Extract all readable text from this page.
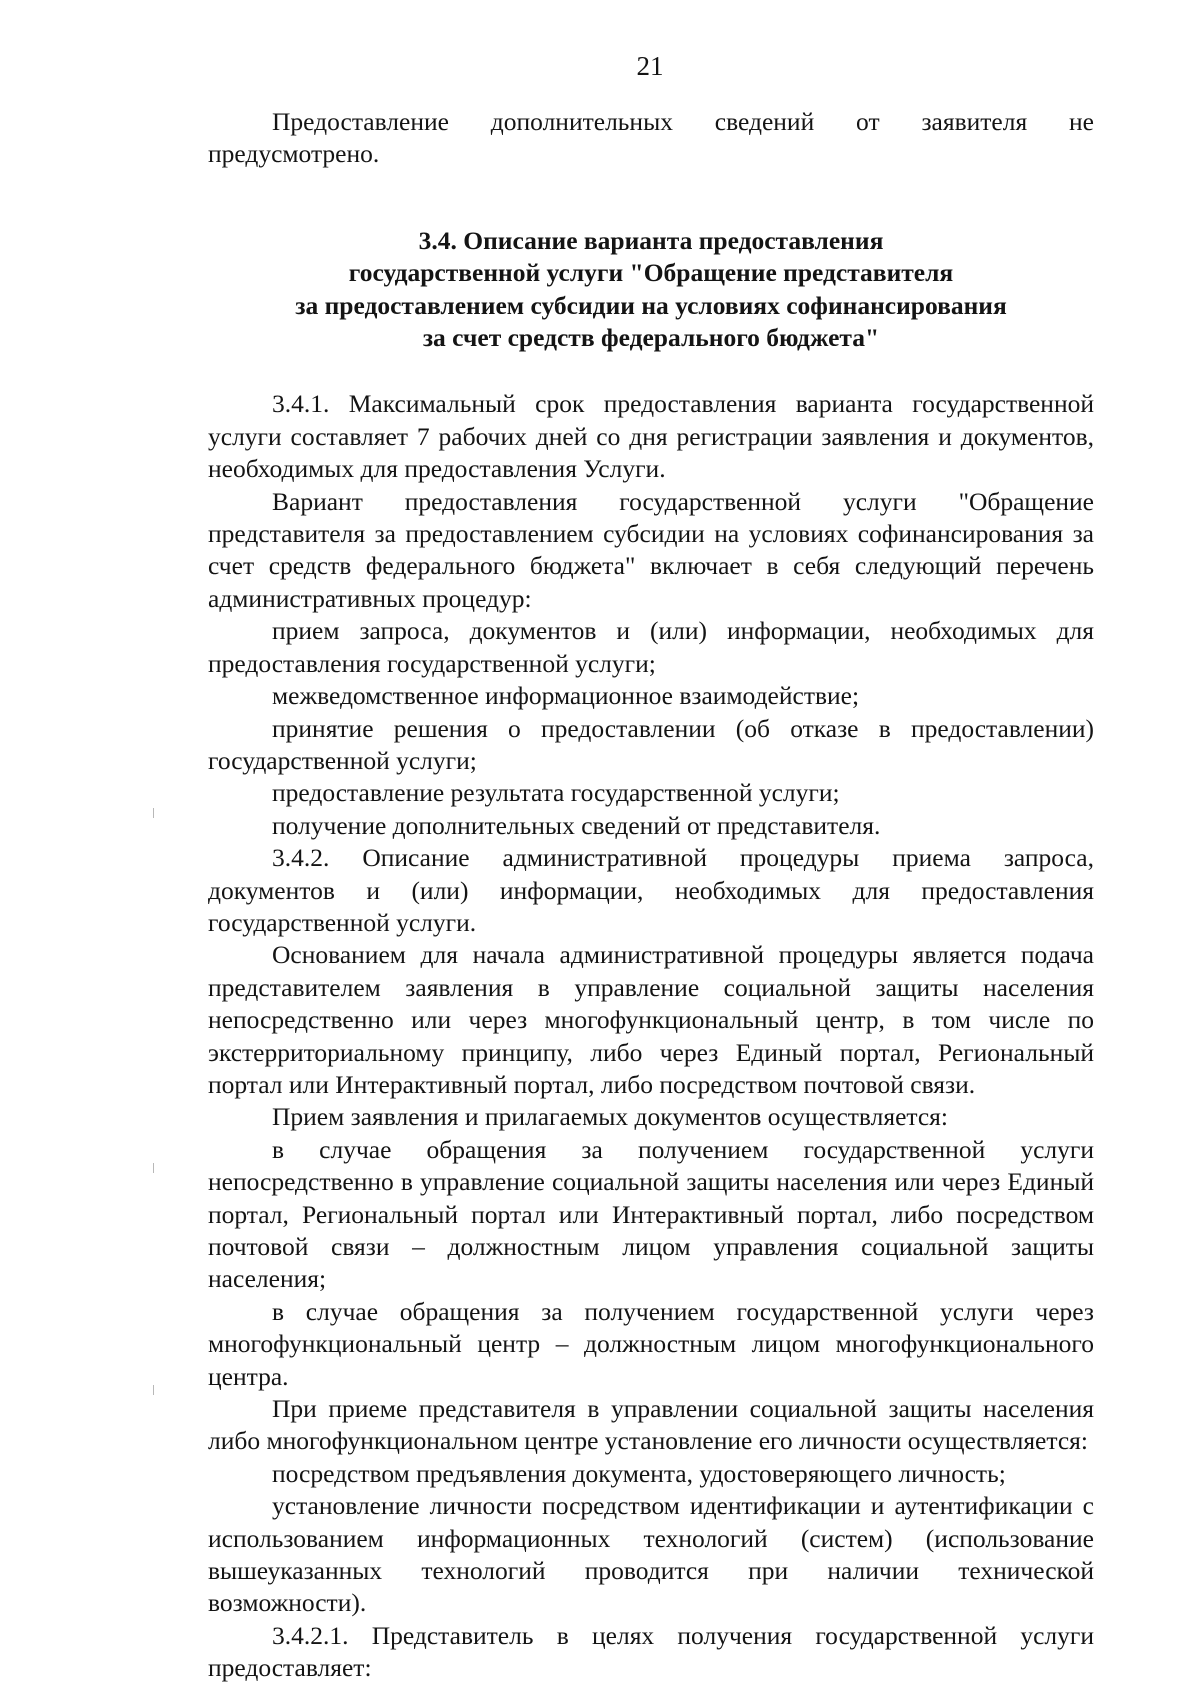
21

Предоставление дополнительных сведений от заявителя не предусмотрено.

3.4. Описание варианта предоставления
государственной услуги "Обращение представителя
за предоставлением субсидии на условиях софинансирования
за счет средств федерального бюджета"

3.4.1. Максимальный срок предоставления варианта государственной услуги составляет 7 рабочих дней со дня регистрации заявления и документов, необходимых для предоставления Услуги.

Вариант предоставления государственной услуги "Обращение представителя за предоставлением субсидии на условиях софинансирования за счет средств федерального бюджета" включает в себя следующий перечень административных процедур:

прием запроса, документов и (или) информации, необходимых для предоставления государственной услуги;

межведомственное информационное взаимодействие;

принятие решения о предоставлении (об отказе в предоставлении) государственной услуги;

предоставление результата государственной услуги;

получение дополнительных сведений от представителя.

3.4.2. Описание административной процедуры приема запроса, документов и (или) информации, необходимых для предоставления государственной услуги.

Основанием для начала административной процедуры является подача представителем заявления в управление социальной защиты населения непосредственно или через многофункциональный центр, в том числе по экстерриториальному принципу, либо через Единый портал, Региональный портал или Интерактивный портал, либо посредством почтовой связи.

Прием заявления и прилагаемых документов осуществляется:

в случае обращения за получением государственной услуги непосредственно в управление социальной защиты населения или через Единый портал, Региональный портал или Интерактивный портал, либо посредством почтовой связи – должностным лицом управления социальной защиты населения;

в случае обращения за получением государственной услуги через многофункциональный центр – должностным лицом многофункционального центра.

При приеме представителя в управлении социальной защиты населения либо многофункциональном центре установление его личности осуществляется:

посредством предъявления документа, удостоверяющего личность;

установление личности посредством идентификации и аутентификации с использованием информационных технологий (систем) (использование вышеуказанных технологий проводится при наличии технической возможности).

3.4.2.1. Представитель в целях получения государственной услуги предоставляет:
